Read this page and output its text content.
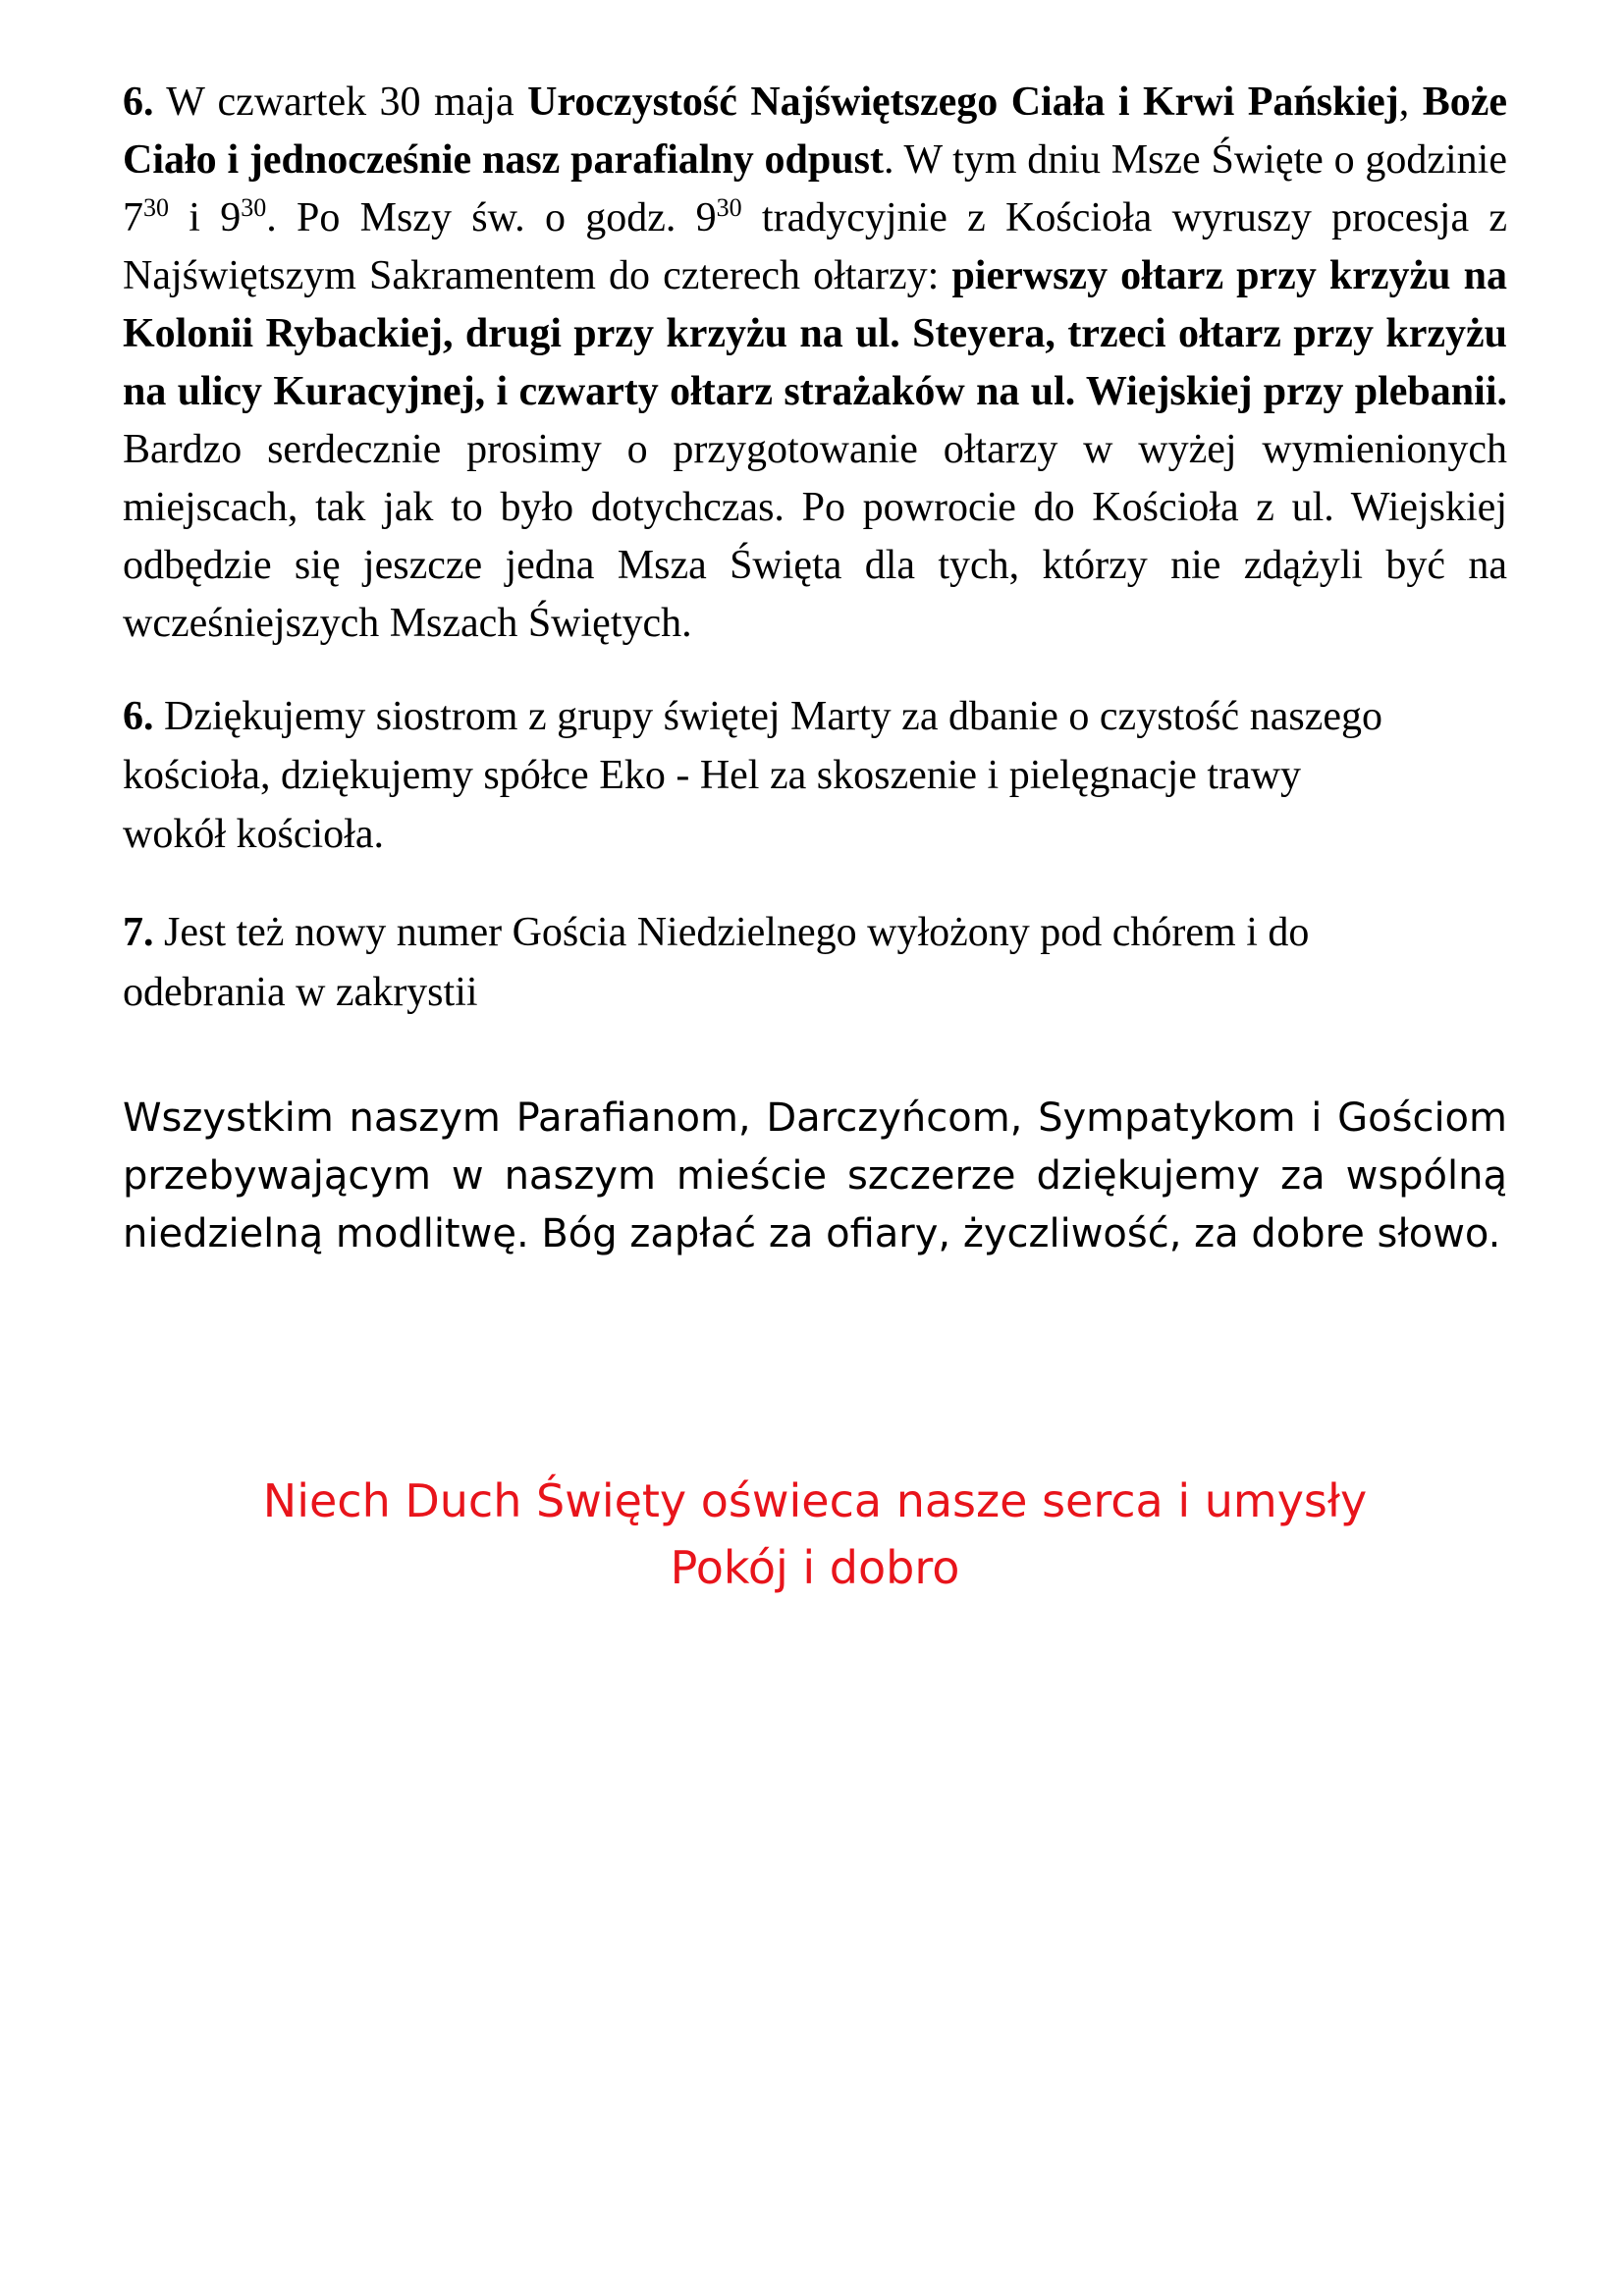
6. W czwartek 30 maja Uroczystość Najświętszego Ciała i Krwi Pańskiej, Boże Ciało i jednocześnie nasz parafialny odpust. W tym dniu Msze Święte o godzinie $7^{30}$ i $9^{30}$. Po Mszy św. o godz. $9^{30}$ tradycyjnie z Kościoła wyruszy procesja z Najświętszym Sakramentem do czterech ołtarzy: pierwszy ołtarz przy krzyżu na Kolonii Rybackiej, drugi przy krzyżu na ul. Steyera, trzeci ołtarz przy krzyżu na ulicy Kuracyjnej, i czwarty ołtarz strażaków na ul. Wiejskiej przy plebanii. Bardzo serdecznie prosimy o przygotowanie ołtarzy w wyżej wymienionych miejscach, tak jak to było dotychczas. Po powrocie do Kościoła z ul. Wiejskiej odbędzie się jeszcze jedna Msza Święta dla tych, którzy nie zdążyli być na wcześniejszych Mszach Świętych.
6. Dziękujemy siostrom z grupy świętej Marty za dbanie o czystość naszego
kościoła, dziękujemy spółce Eko - Hel za skoszenie i pielęgnacje trawy
wokół kościoła.
7. Jest też nowy numer Gościa Niedzielnego wyłożony pod chórem i do
odebrania w zakrystii
Wszystkim naszym Parafianom, Darczyńcom, Sympatykom i Gościom przebywającym w naszym mieście szczerze dziękujemy za wspólną niedzielną modlitwę. Bóg zapłać za ofiary, życzliwość, za dobre słowo.
Niech Duch Święty oświeca nasze serca i umysły
Pokój i dobro
